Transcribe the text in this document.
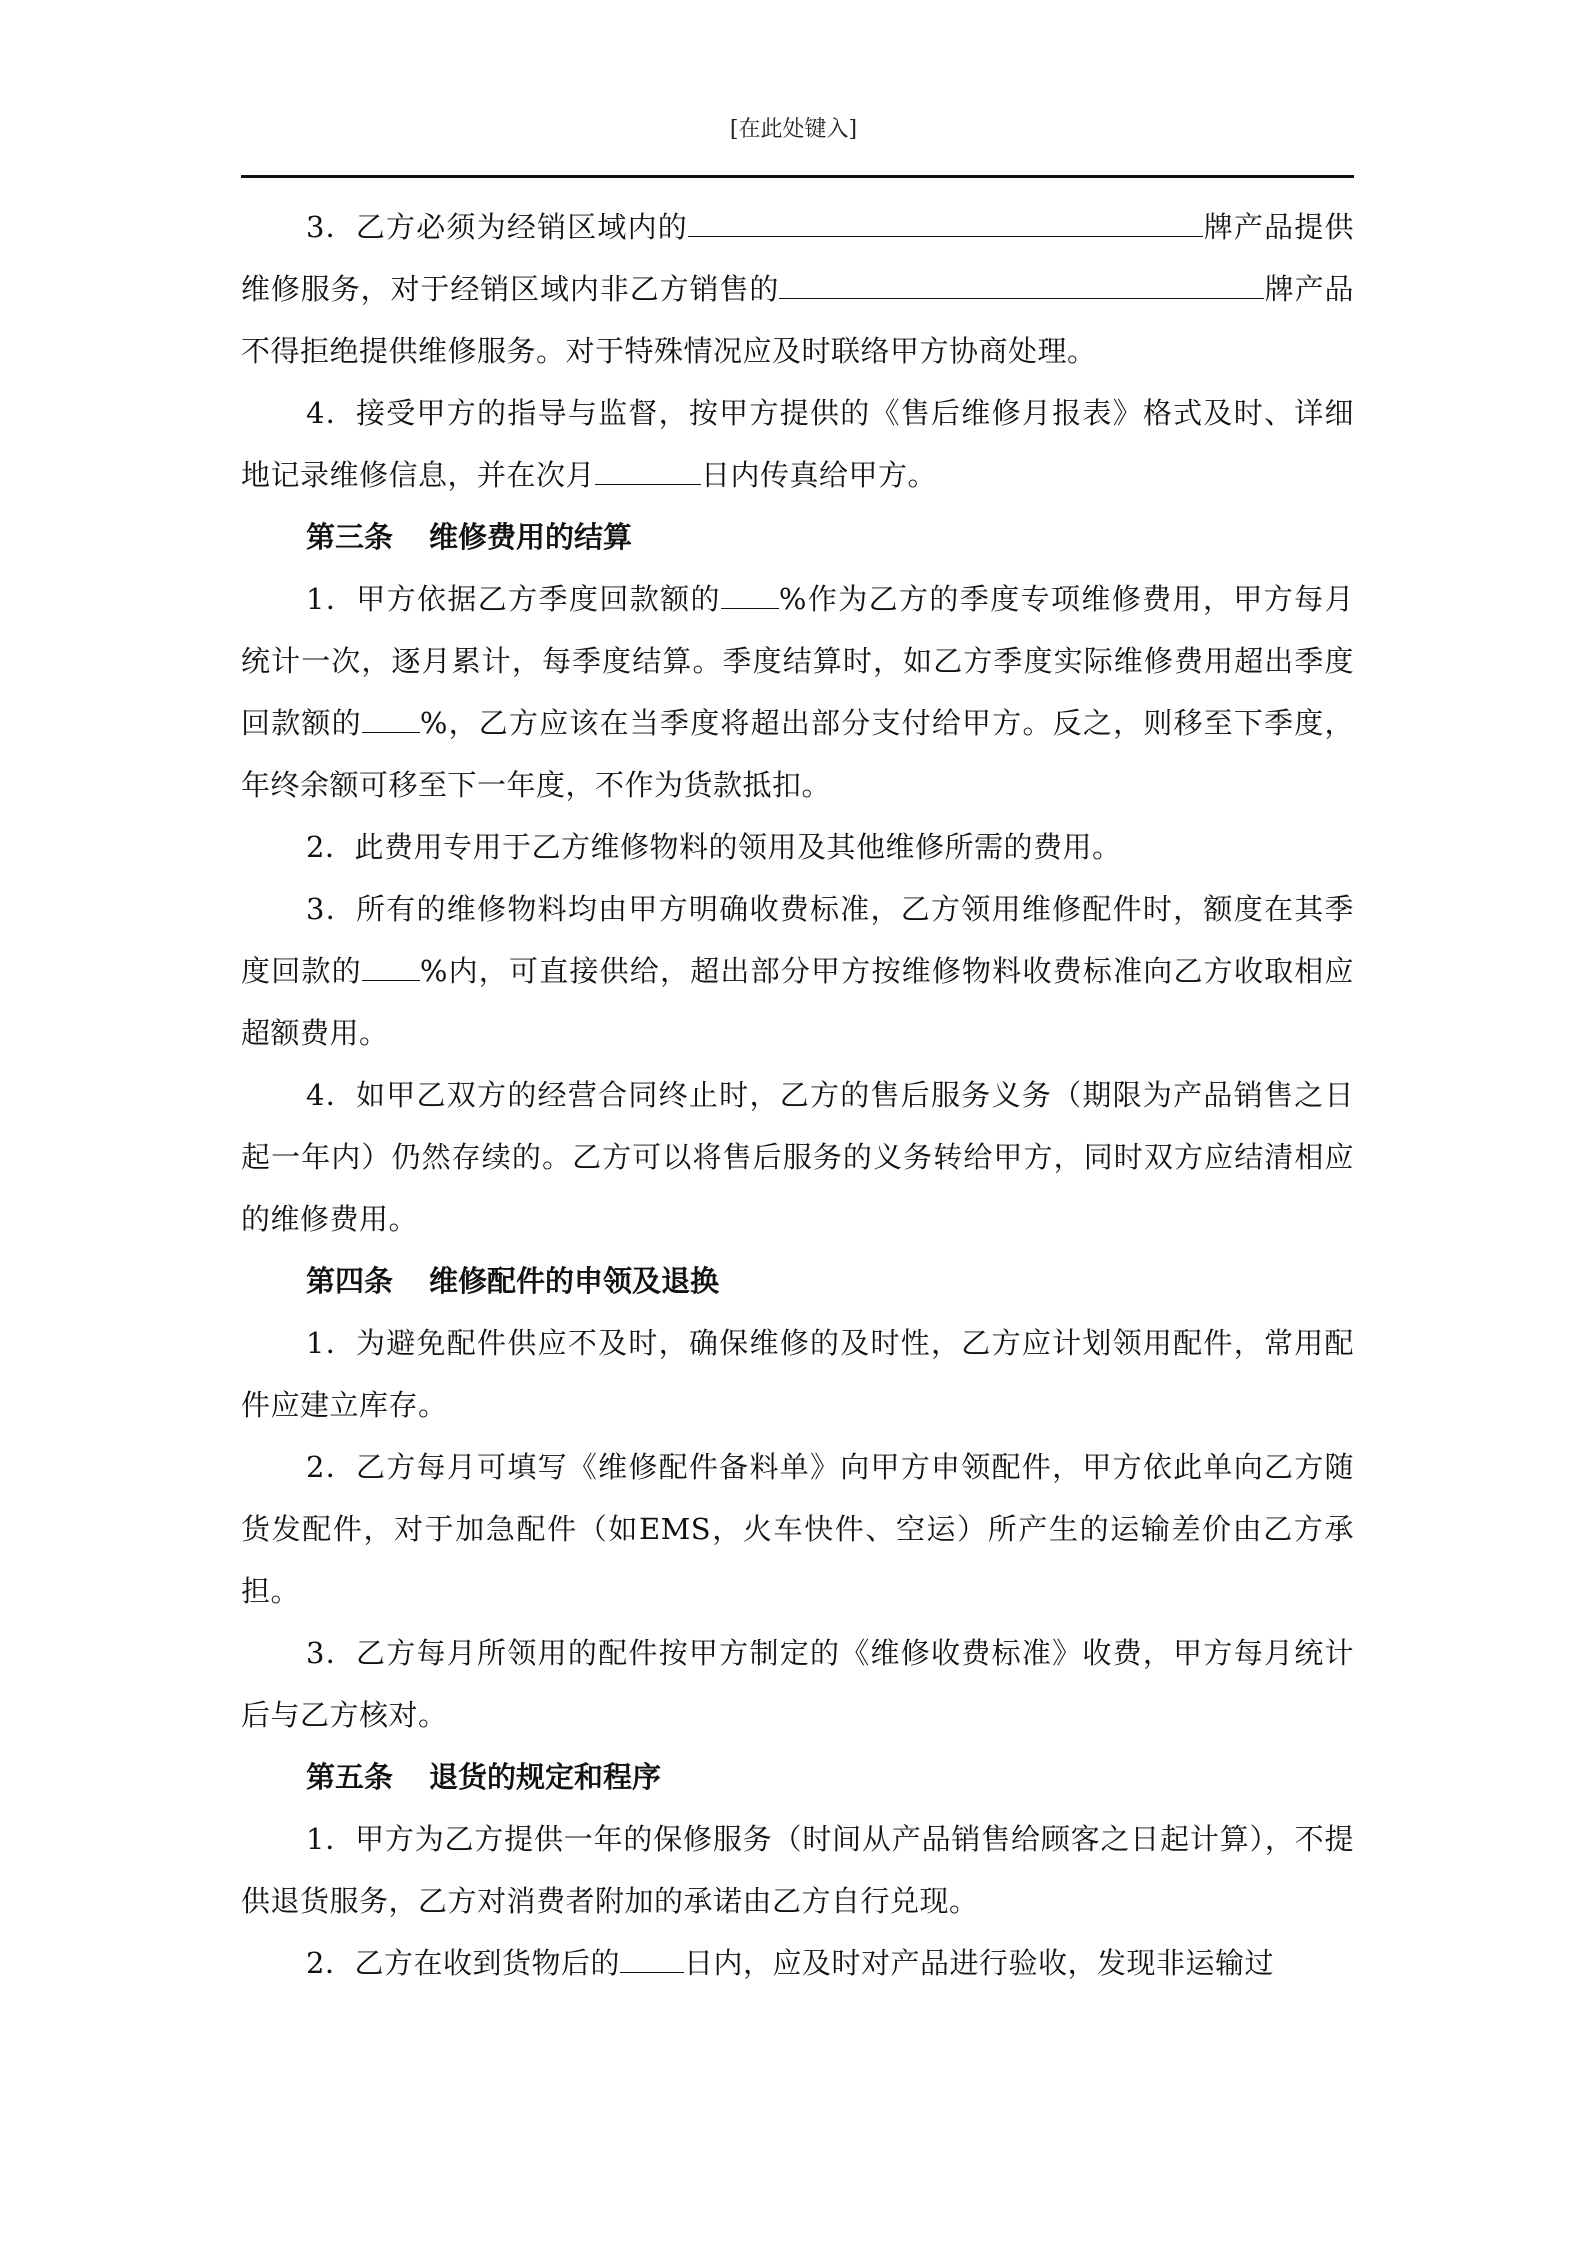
[在此处键入]

3．乙方必须为经销区域内的	牌产品提供维修服务，对于经销区域内非乙方销售的	牌产品不得拒绝提供维修服务。对于特殊情况应及时联络甲方协商处理。

4．接受甲方的指导与监督，按甲方提供的《售后维修月报表》格式及时、详细地记录维修信息，并在次月	日内传真给甲方。

第三条 维修费用的结算

1．甲方依据乙方季度回款额的 %作为乙方的季度专项维修费用，甲方每月统计一次，逐月累计，每季度结算。季度结算时，如乙方季度实际维修费用超出季度回款额的 %，乙方应该在当季度将超出部分支付给甲方。反之，则移至下季度，年终余额可移至下一年度，不作为货款抵扣。

2．此费用专用于乙方维修物料的领用及其他维修所需的费用。

3．所有的维修物料均由甲方明确收费标准，乙方领用维修配件时，额度在其季度回款的 %内，可直接供给，超出部分甲方按维修物料收费标准向乙方收取相应超额费用。

4．如甲乙双方的经营合同终止时，乙方的售后服务义务（期限为产品销售之日起一年内）仍然存续的。乙方可以将售后服务的义务转给甲方，同时双方应结清相应的维修费用。

第四条 维修配件的申领及退换

1．为避免配件供应不及时，确保维修的及时性，乙方应计划领用配件，常用配件应建立库存。

2．乙方每月可填写《维修配件备料单》向甲方申领配件，甲方依此单向乙方随货发配件，对于加急配件（如EMS，火车快件、空运）所产生的运输差价由乙方承担。

3．乙方每月所领用的配件按甲方制定的《维修收费标准》收费，甲方每月统计后与乙方核对。

第五条 退货的规定和程序

1．甲方为乙方提供一年的保修服务（时间从产品销售给顾客之日起计算），不提供退货服务，乙方对消费者附加的承诺由乙方自行兑现。

2．乙方在收到货物后的 日内，应及时对产品进行验收，发现非运输过
